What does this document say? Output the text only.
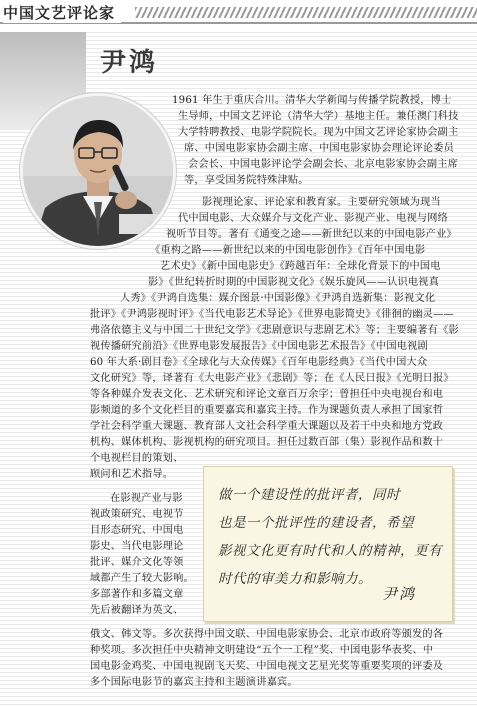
中国文艺评论家
尹鸿
1961 年生于重庆合川。清华大学新闻与传播学院教授，博士
生导师，中国文艺评论（清华大学）基地主任。兼任澳门科技
大学特聘教授、电影学院院长。现为中国文艺评论家协会副主
席、中国电影家协会副主席、中国电影家协会理论评论委员
会会长、中国电影评论学会副会长、北京电影家协会副主席
等，享受国务院特殊津贴。
影视理论家、评论家和教育家。主要研究领域为现当
代中国电影、大众媒介与文化产业、影视产业、电视与网络
视听节目等。著有《通变之途——新世纪以来的中国电影产业》
《重构之路——新世纪以来的中国电影创作》《百年中国电影
艺术史》《新中国电影史》《跨越百年：全球化背景下的中国电
影》《世纪转折时期的中国影视文化》《娱乐旋风——认识电视真
人秀》《尹鸿自选集：媒介图景·中国影像》《尹鸿自选新集：影视文化
批评》《尹鸿影视时评》《当代电影艺术导论》《世界电影简史》《徘徊的幽灵——
弗洛依德主义与中国二十世纪文学》《悲剧意识与悲剧艺术》等；主要编著有《影
视传播研究前沿》《世界电影发展报告》《中国电影艺术报告》《中国电视剧
60 年大系·剧目卷》《全球化与大众传媒》《百年电影经典》《当代中国大众
文化研究》等，译著有《大电影产业》《悲剧》等；在《人民日报》《光明日报》
等各种媒介发表文化、艺术研究和评论文章百万余字；曾担任中央电视台和电
影频道的多个文化栏目的重要嘉宾和嘉宾主持。作为课题负责人承担了国家哲
学社会科学重大课题、教育部人文社会科学重大课题以及若干中央和地方党政
机构、媒体机构、影视机构的研究项目。担任过数百部（集）影视作品和数十
个电视栏目的策划、
顾问和艺术指导。
在影视产业与影
视政策研究、电视节
目形态研究、中国电
影史、当代电影理论
批评、媒介文化等领
域都产生了较大影响。
多部著作和多篇文章
先后被翻译为英文、
俄文、韩文等。多次获得中国文联、中国电影家协会、北京市政府等颁发的各
种奖项。多次担任中央精神文明建设“五个一工程”奖、中国电影华表奖、中
国电影金鸡奖、中国电视剧飞天奖、中国电视文艺星光奖等重要奖项的评委及
多个国际电影节的嘉宾主持和主题演讲嘉宾。
做一个建设性的批评者，同时
也是一个批评性的建设者，希望
影视文化更有时代和人的精神，更有
时代的审美力和影响力。
尹鸿
